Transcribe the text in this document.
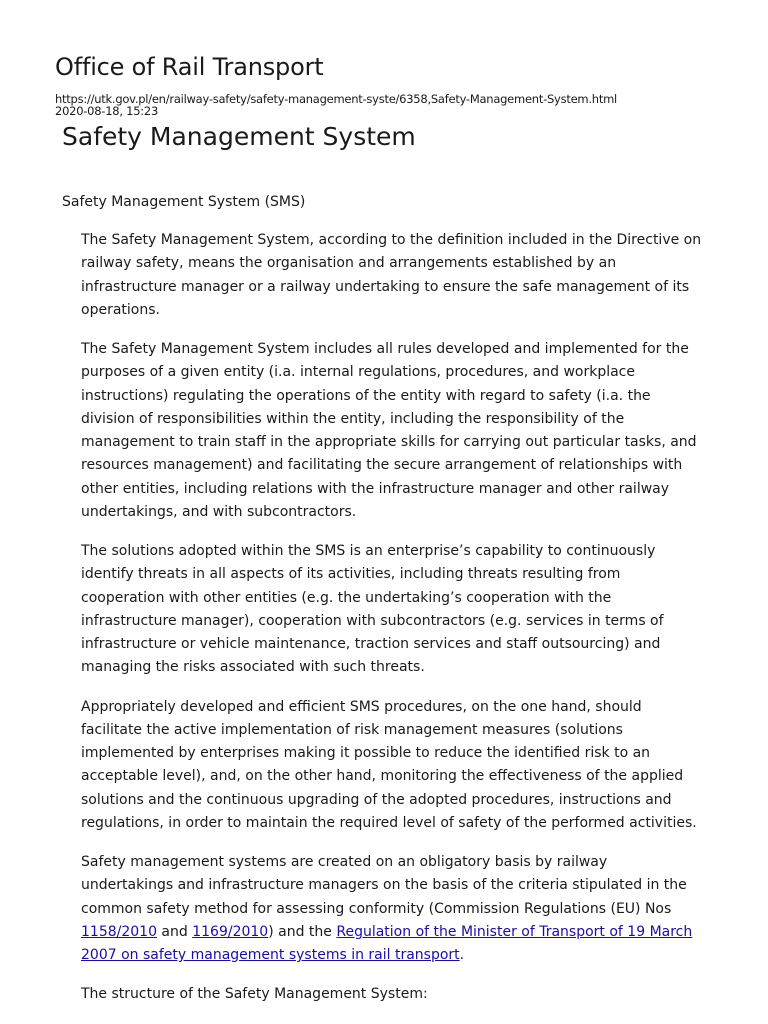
Office of Rail Transport
https://utk.gov.pl/en/railway-safety/safety-management-syste/6358,Safety-Management-System.html
2020-08-18, 15:23
Safety Management System
Safety Management System (SMS)

The Safety Management System, according to the definition included in the Directive on railway safety, means the organisation and arrangements established by an infrastructure manager or a railway undertaking to ensure the safe management of its operations.

The Safety Management System includes all rules developed and implemented for the purposes of a given entity (i.a. internal regulations, procedures, and workplace instructions) regulating the operations of the entity with regard to safety (i.a. the division of responsibilities within the entity, including the responsibility of the management to train staff in the appropriate skills for carrying out particular tasks, and resources management) and facilitating the secure arrangement of relationships with other entities, including relations with the infrastructure manager and other railway undertakings, and with subcontractors.

The solutions adopted within the SMS is an enterprise’s capability to continuously identify threats in all aspects of its activities, including threats resulting from cooperation with other entities (e.g. the undertaking’s cooperation with the infrastructure manager), cooperation with subcontractors (e.g. services in terms of infrastructure or vehicle maintenance, traction services and staff outsourcing) and managing the risks associated with such threats.

Appropriately developed and efficient SMS procedures, on the one hand, should facilitate the active implementation of risk management measures (solutions implemented by enterprises making it possible to reduce the identified risk to an acceptable level), and, on the other hand, monitoring the effectiveness of the applied solutions and the continuous upgrading of the adopted procedures, instructions and regulations, in order to maintain the required level of safety of the performed activities.

Safety management systems are created on an obligatory basis by railway undertakings and infrastructure managers on the basis of the criteria stipulated in the common safety method for assessing conformity (Commission Regulations (EU) Nos 1158/2010 and 1169/2010) and the Regulation of the Minister of Transport of 19 March 2007 on safety management systems in rail transport.

The structure of the Safety Management System:
